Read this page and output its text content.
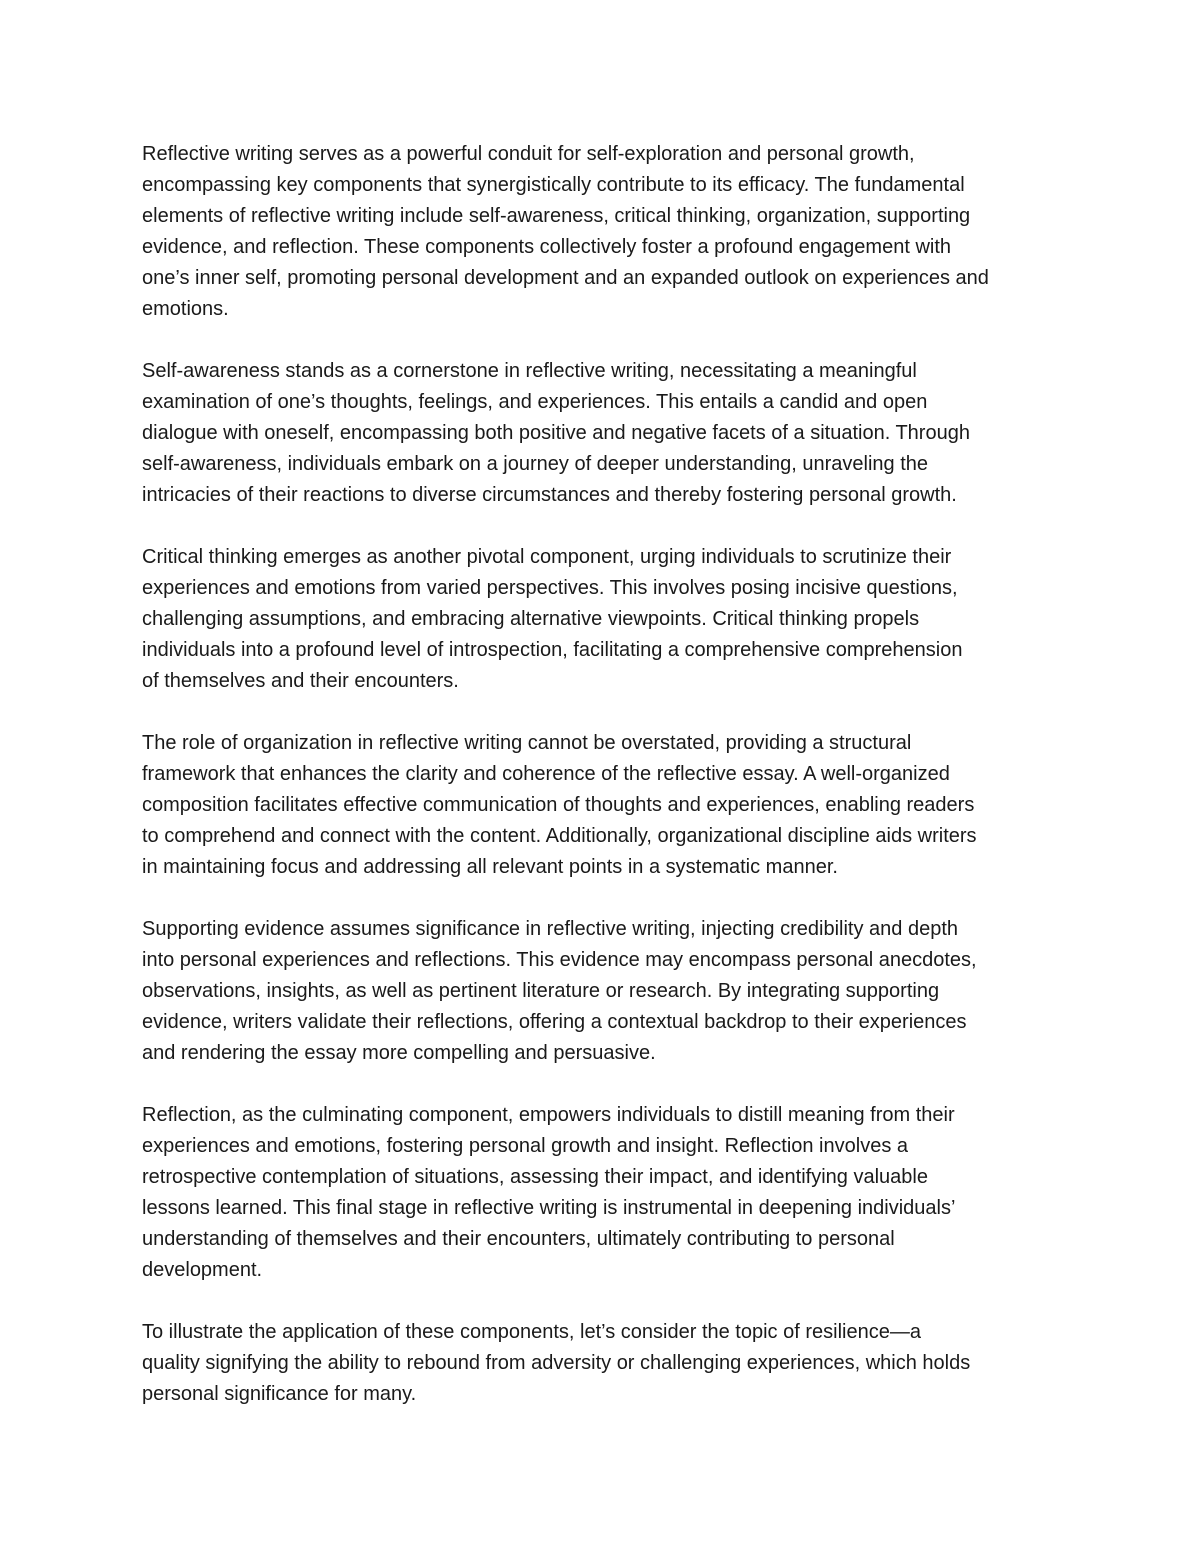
Reflective writing serves as a powerful conduit for self-exploration and personal growth,
encompassing key components that synergistically contribute to its efficacy. The fundamental
elements of reflective writing include self-awareness, critical thinking, organization, supporting
evidence, and reflection. These components collectively foster a profound engagement with
one’s inner self, promoting personal development and an expanded outlook on experiences and
emotions.

Self-awareness stands as a cornerstone in reflective writing, necessitating a meaningful
examination of one’s thoughts, feelings, and experiences. This entails a candid and open
dialogue with oneself, encompassing both positive and negative facets of a situation. Through
self-awareness, individuals embark on a journey of deeper understanding, unraveling the
intricacies of their reactions to diverse circumstances and thereby fostering personal growth.

Critical thinking emerges as another pivotal component, urging individuals to scrutinize their
experiences and emotions from varied perspectives. This involves posing incisive questions,
challenging assumptions, and embracing alternative viewpoints. Critical thinking propels
individuals into a profound level of introspection, facilitating a comprehensive comprehension
of themselves and their encounters.

The role of organization in reflective writing cannot be overstated, providing a structural
framework that enhances the clarity and coherence of the reflective essay. A well-organized
composition facilitates effective communication of thoughts and experiences, enabling readers
to comprehend and connect with the content. Additionally, organizational discipline aids writers
in maintaining focus and addressing all relevant points in a systematic manner.

Supporting evidence assumes significance in reflective writing, injecting credibility and depth
into personal experiences and reflections. This evidence may encompass personal anecdotes,
observations, insights, as well as pertinent literature or research. By integrating supporting
evidence, writers validate their reflections, offering a contextual backdrop to their experiences
and rendering the essay more compelling and persuasive.

Reflection, as the culminating component, empowers individuals to distill meaning from their
experiences and emotions, fostering personal growth and insight. Reflection involves a
retrospective contemplation of situations, assessing their impact, and identifying valuable
lessons learned. This final stage in reflective writing is instrumental in deepening individuals’
understanding of themselves and their encounters, ultimately contributing to personal
development.

To illustrate the application of these components, let’s consider the topic of resilience—a
quality signifying the ability to rebound from adversity or challenging experiences, which holds
personal significance for many.
